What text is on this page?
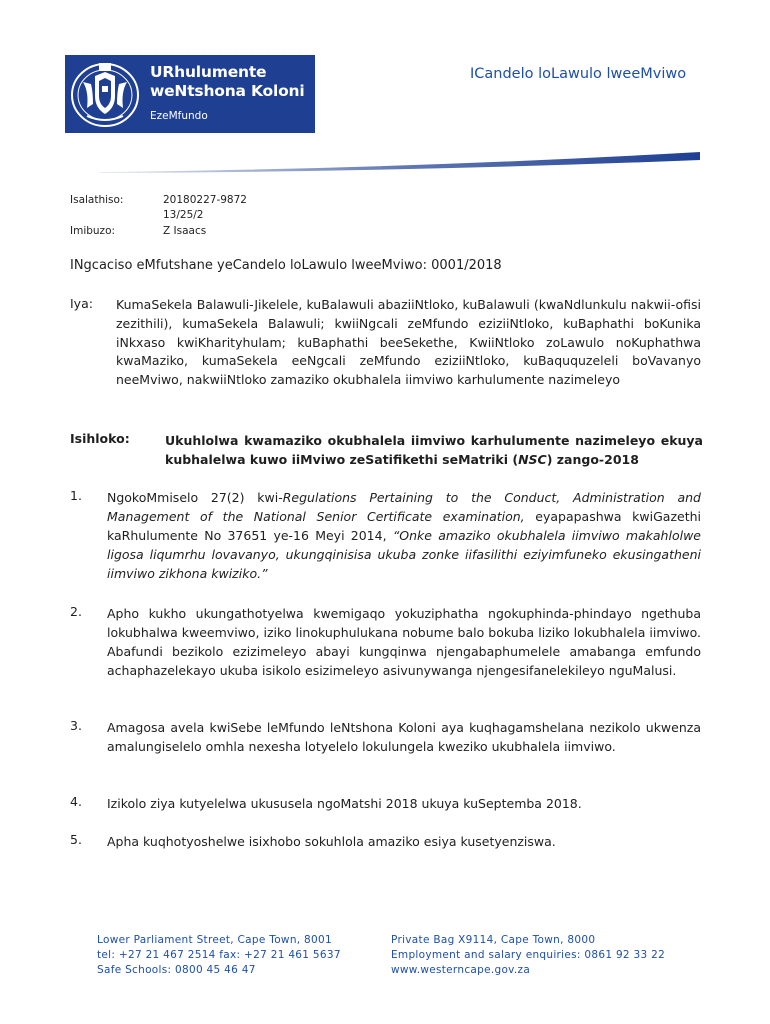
URhulumente
weNtshona Koloni
EzeMfundo
ICandelo loLawulo lweeMviwo
Isalathiso:	20180227-9872
13/25/2
Imibuzo:	Z Isaacs
INgcaciso eMfutshane yeCandelo loLawulo lweeMviwo: 0001/2018
Iya: KumaSekela Balawuli-Jikelele, kuBalawuli abaziiNtloko, kuBalawuli (kwaNdlunkulu nakwii-ofisi zezithili), kumaSekela Balawuli; kwiiNgcali zeMfundo eziziiNtloko, kuBaphathi boKunika iNkxaso kwiKharityhulam; kuBaphathi beeSekethe, KwiiNtloko zoLawulo noKuphathwa kwaMaziko, kumaSekela eeNgcali zeMfundo eziziiNtloko, kuBaququzeleli boVavanyo neeMviwo, nakwiiNtloko zamaziko okubhalela iimviwo karhulumente nazimeleyo

Isihloko:	Ukuhlolwa kwamaziko okubhalela iimviwo karhulumente nazimeleyo ekuya kubhalelwa kuwo iiMviwo zeSatifikethi seMatriki (NSC) zango-2018

1. NgokoMmiselo 27(2) kwi-Regulations Pertaining to the Conduct, Administration and Management of the National Senior Certificate examination, eyapapashwa kwiGazethi kaRhulumente No 37651 ye-16 Meyi 2014, “Onke amaziko okubhalela iimviwo makahlolwe ligosa liqumrhu lovavanyo, ukungqinisisa ukuba zonke iifasilithi eziyimfuneko ekusingatheni iimviwo zikhona kwiziko.”

2. Apho kukho ukungathotyelwa kwemigaqo yokuziphatha ngokuphinda-phindayo ngethuba lokubhalwa kweemviwo, iziko linokuphulukana nobume balo bokuba liziko lokubhalela iimviwo. Abafundi bezikolo ezizimeleyo abayi kungqinwa njengabaphumelele amabanga emfundo achaphazelekayo ukuba isikolo esizimeleyo asivunywanga njengesifanelekileyo nguMalusi.

3. Amagosa avela kwiSebe leMfundo leNtshona Koloni aya kuqhagamshelana nezikolo ukwenza amalungiselelo omhla nexesha lotyelelo lokulungela kweziko ukubhalela iimviwo.

4. Izikolo ziya kutyelelwa ukususela ngoMatshi 2018 ukuya kuSeptemba 2018.

5. Apha kuqhotyoshelwe isixhobo sokuhlola amaziko esiya kusetyenziswa.

Lower Parliament Street, Cape Town, 8001
tel: +27 21 467 2514 fax: +27 21 461 5637
Safe Schools: 0800 45 46 47
Private Bag X9114, Cape Town, 8000
Employment and salary enquiries: 0861 92 33 22
www.westerncape.gov.za
